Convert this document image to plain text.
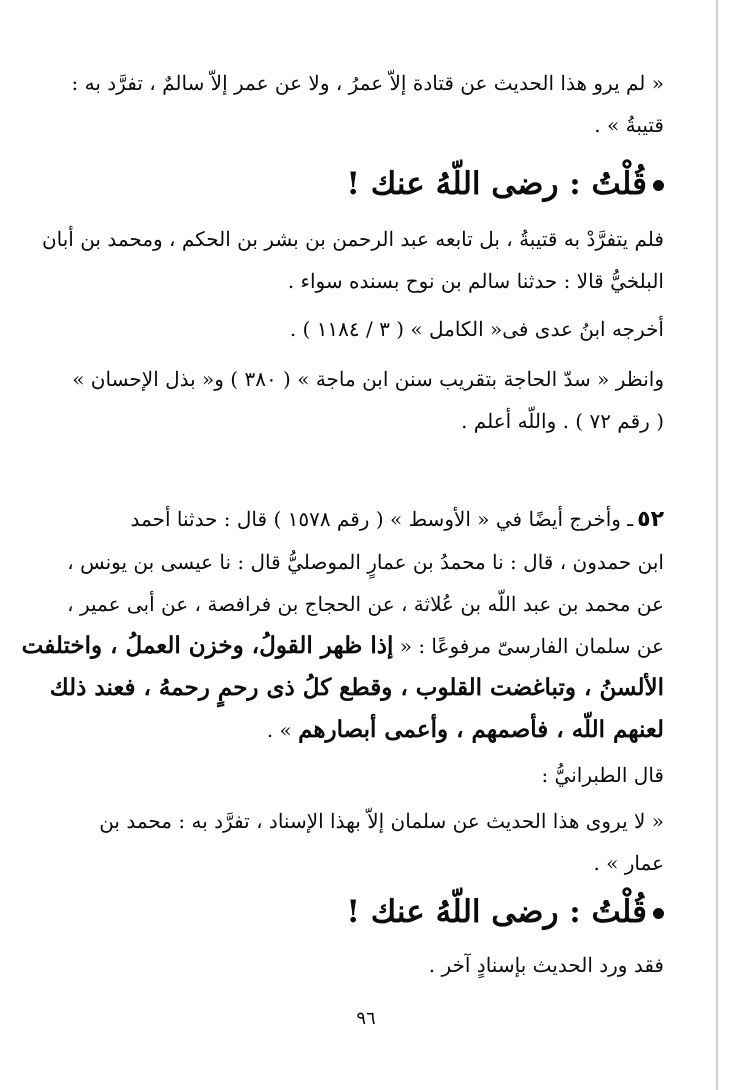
« لم يرو هذا الحديث عن قتادة إلاّ عمرُ ، ولا عن عمر إلاّ سالمٌ ، تفرَّد به :
قتيبةُ » .
قُلْتُ : رضى اللّهُ عنك !
فلم يتفرَّدْ به قتيبةُ ، بل تابعه عبد الرحمن بن بشر بن الحكم ، ومحمد بن أبان
البلخيُّ قالا : حدثنا سالم بن نوح بسنده سواء .
أخرجه ابنُ عدى فى« الكامل » ( ٣ / ١١٨٤ ) .
وانظر « سدّ الحاجة بتقريب سنن ابن ماجة » ( ٣٨٠ ) و« بذل الإحسان »
( رقم ٧٢ ) . واللّه أعلم .
٥٢ـ وأخرج أيضًا في « الأوسط » ( رقم ١٥٧٨ ) قال : حدثنا أحمد
ابن حمدون ، قال : نا محمدُ بن عمارٍ الموصليُّ قال : نا عيسى بن يونس ،
عن محمد بن عبد اللّه بن عُلاثة ، عن الحجاج بن فرافصة ، عن أبى عمير ،
عن سلمان الفارسىّ مرفوعًا : « إذا ظهر القولُ، وخزن العملُ ، واختلفت
الألسنُ ، وتباغضت القلوب ، وقطع كلُ ذى رحمٍ رحمهُ ، فعند ذلك
لعنهم اللّه ، فأصمهم ، وأعمى أبصارهم » .
قال الطبرانيُّ :
« لا يروى هذا الحديث عن سلمان إلاّ بهذا الإسناد ، تفرَّد به : محمد بن
عمار » .
قُلْتُ : رضى اللّهُ عنك !
فقد ورد الحديث بإسنادٍ آخر .
٩٦
